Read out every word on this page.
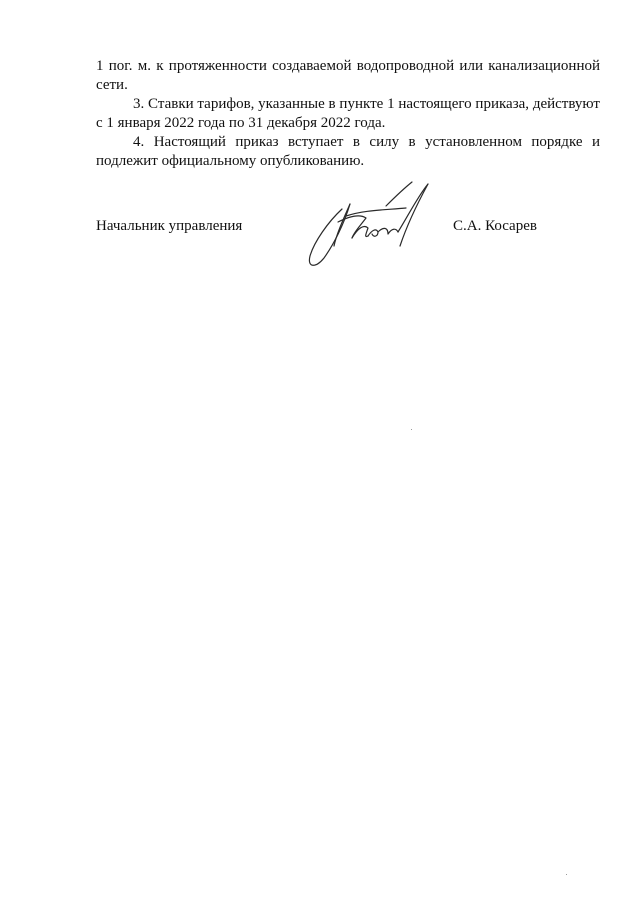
1 пог. м. к протяженности создаваемой водопроводной или канализационной сети.

3. Ставки тарифов, указанные в пункте 1 настоящего приказа, действуют с 1 января 2022 года по 31 декабря 2022 года.

4. Настоящий приказ вступает в силу в установленном порядке и подлежит официальному опубликованию.

Начальник управления	С.А. Косарев
